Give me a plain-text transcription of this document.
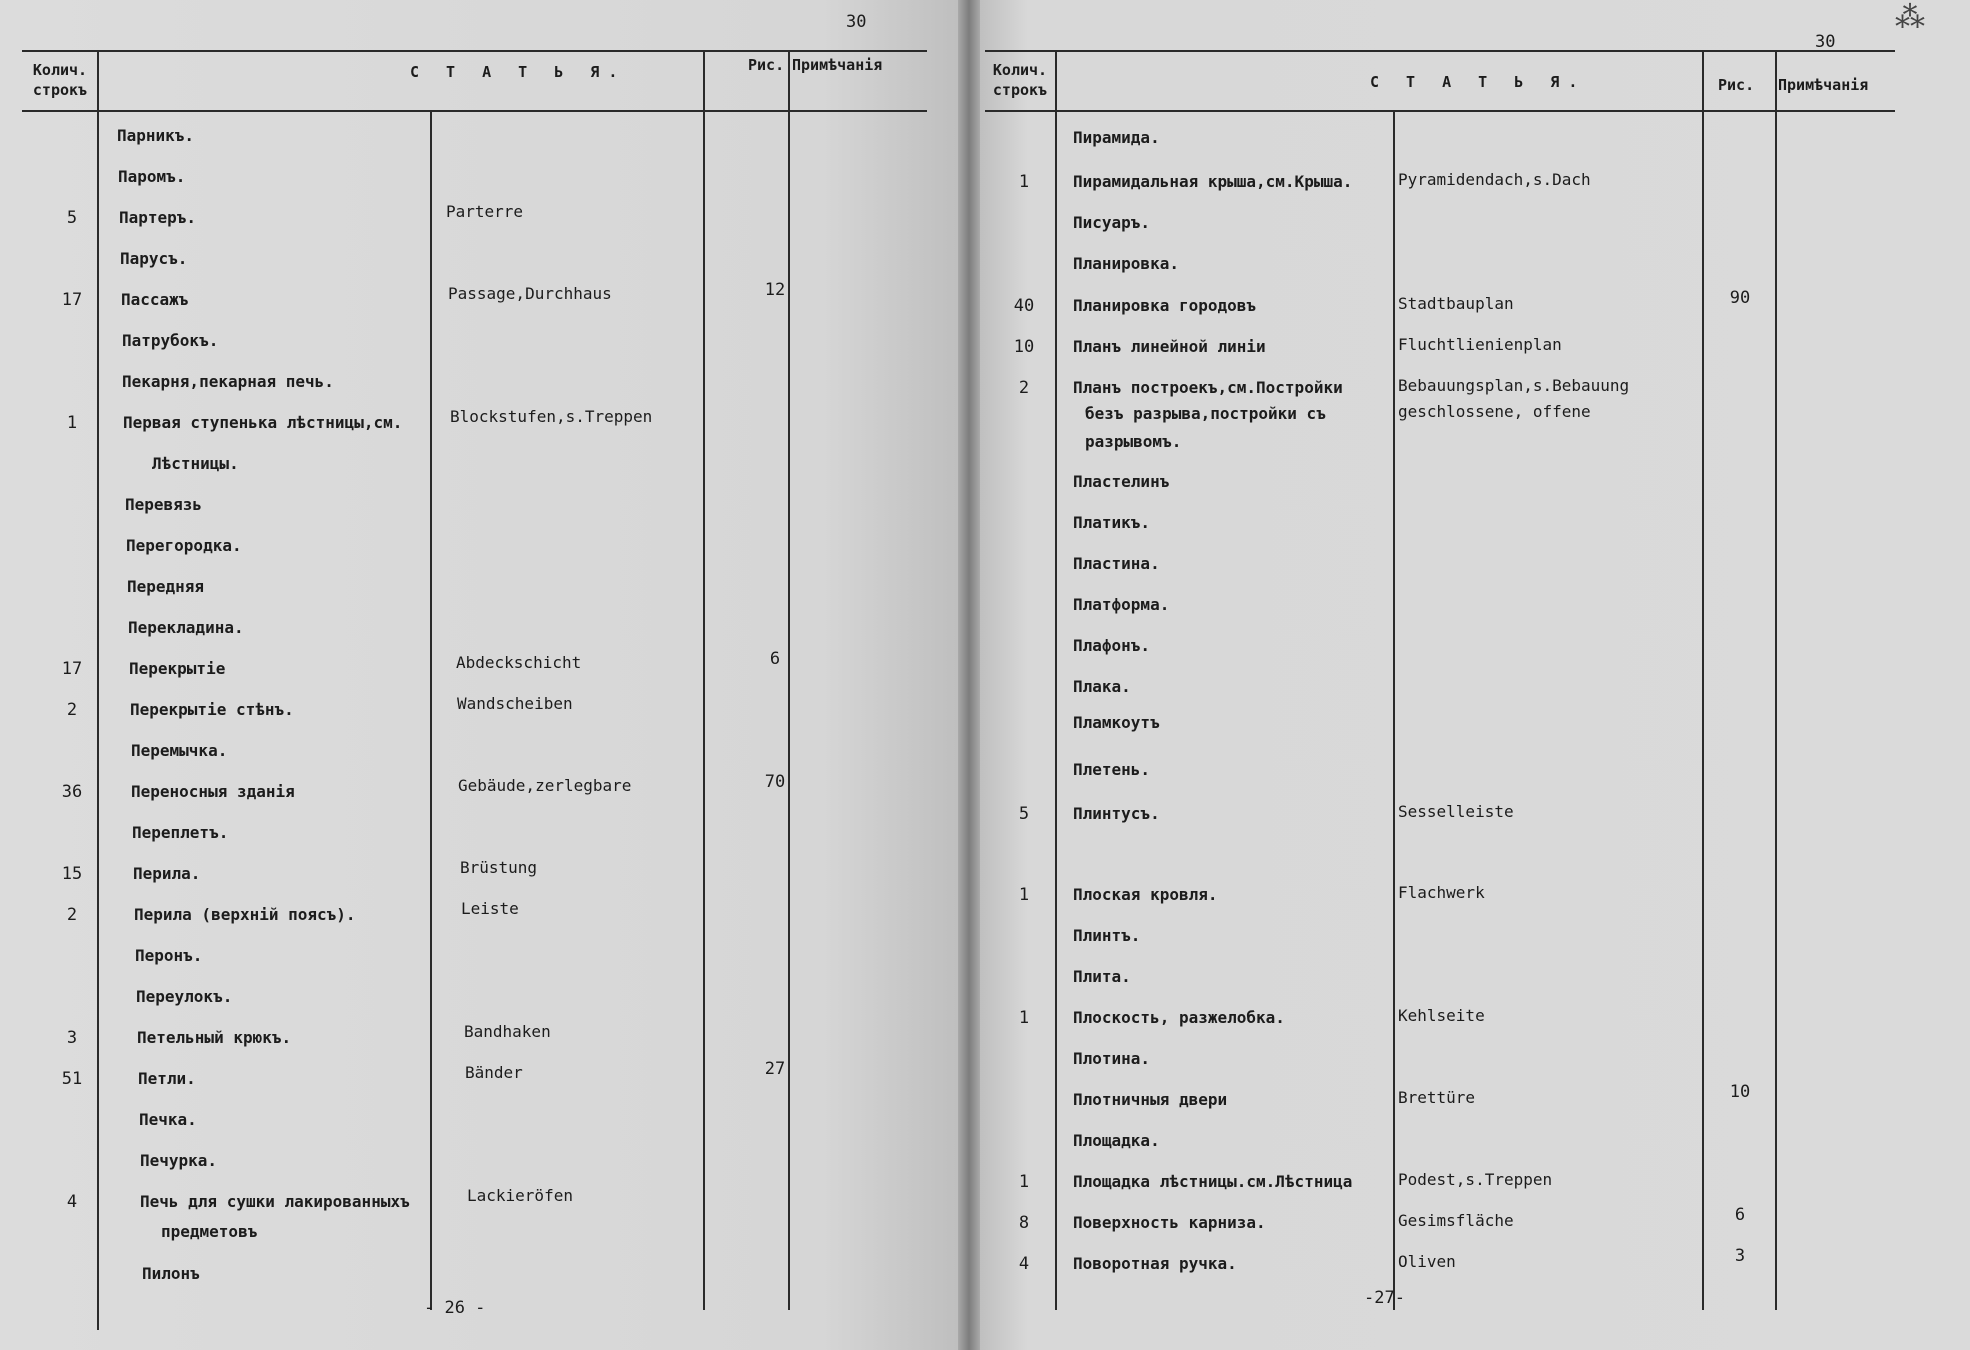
30
Колич. строкъ
С Т А Т Ь Я.	Рис. Примѣчанія
Парникъ.
Паромъ.
5	Партеръ.	Parterre
Парусъ.
17	Пассажъ	Passage,Durchhaus	12
Патрубокъ.
Пекарня,пекарная печь.
1	Первая ступенька лѣстницы,см.	Blockstufen,s.Treppen
Лѣстницы.
Перевязь
Перегородка.
Передняя
Перекладина.
17	Перекрытіе	Abdeckschicht	6
2	Перекрытіе стѣнъ.	Wandscheiben
Перемычка.
36	Переносныя зданія	Gebäude,zerlegbare	70
Переплетъ.
15	Перила.	Brüstung
2	Перила (верхній поясъ).	Leiste
Перонъ.
Переулокъ.
3	Петельный крюкъ.	Bandhaken
51	Петли.	Bänder	27
Печка.
Печурка.
4	Печь для сушки лакированныхъ	Lackieröfen
предметовъ
Пилонъ
- 26 -
30
⁂
Колич. строкъ	С Т А Т Ь Я.	Рис. Примѣчанія
Пирамида.
1	Пирамидальная крыша,см.Крыша.	Pyramidendach,s.Dach
Писуаръ.
Планировка.
40	Планировка городовъ	Stadtbauplan	90
10	Планъ линейной линіи	Fluchtlienienplan
2	Планъ построекъ,см.Постройки	Bebauungsplan,s.Bebauung
безъ разрыва,постройки съ	geschlossene, offene
разрывомъ.
Пластелинъ
Платикъ.
Пластина.
Платформа.
Плафонъ.
Плака.
Пламкоутъ
Плетень.
5	Плинтусъ.	Sesselleiste
1	Плоская кровля.	Flachwerk
Плинтъ.
Плита.
1	Плоскость, разжелобка.	Kehlseite
Плотина.
Плотничныя двери	Brettüre	10
Площадка.
1	Площадка лѣстницы.см.Лѣстница	Podest,s.Treppen
8	Поверхность карниза.	Gesimsfläche	6
4	Поворотная ручка.	Oliven	3
-27-
